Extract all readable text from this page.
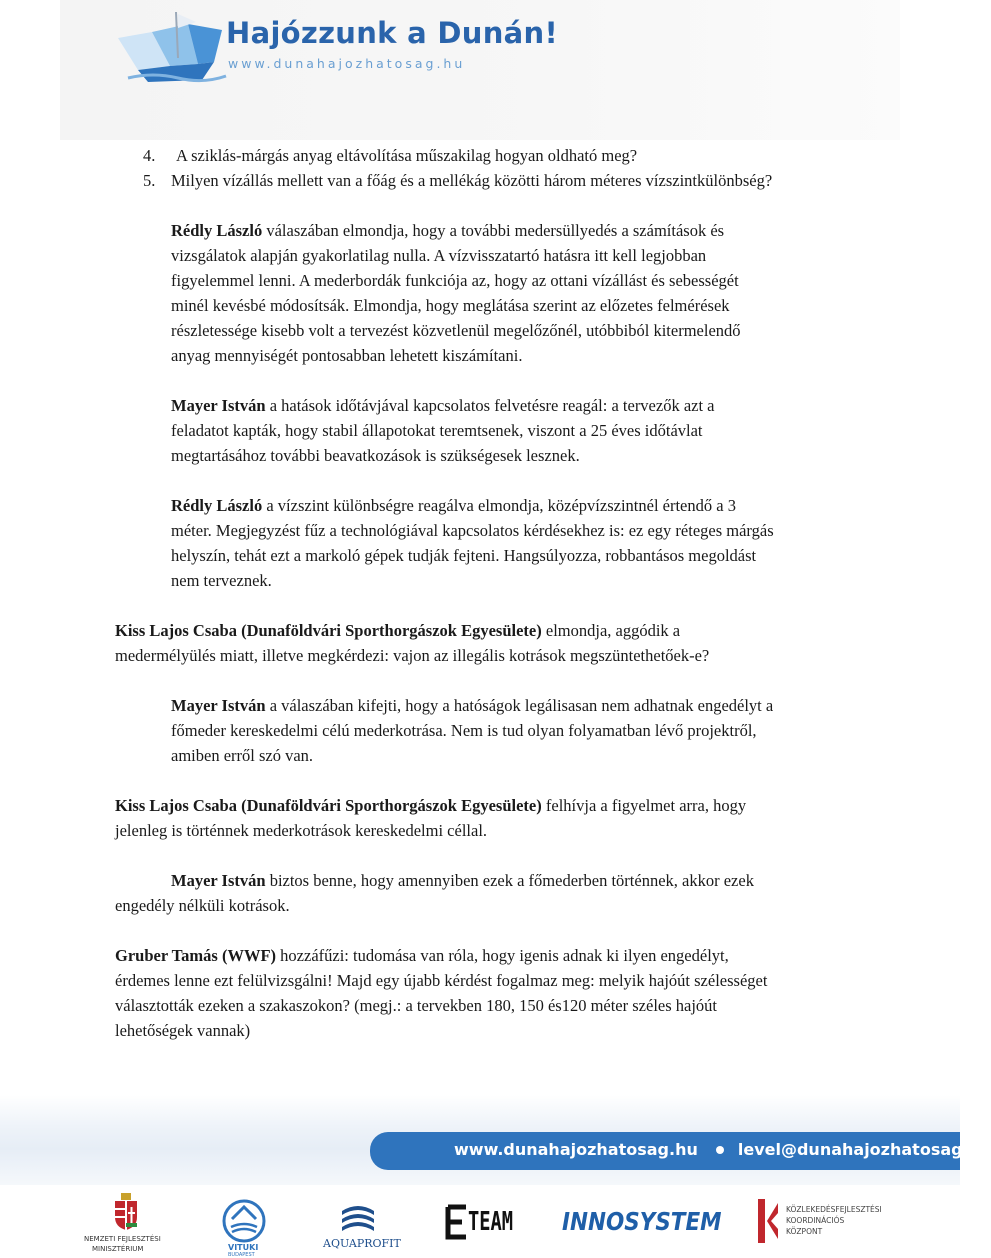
Hajózzunk a Dunán!
www.dunahajozhatosag.hu
4. A sziklás-márgás anyag eltávolítása műszakilag hogyan oldható meg?
5. Milyen vízállás mellett van a főág és a mellékág közötti három méteres vízszintkülönbség?
Rédly László válaszában elmondja, hogy a további medersüllyedés a számítások és
vizsgálatok alapján gyakorlatilag nulla. A vízvisszatartó hatásra itt kell legjobban
figyelemmel lenni. A mederbordák funkciója az, hogy az ottani vízállást és sebességét
minél kevésbé módosítsák. Elmondja, hogy meglátása szerint az előzetes felmérések
részletessége kisebb volt a tervezést közvetlenül megelőzőnél, utóbbiból kitermelendő
anyag mennyiségét pontosabban lehetett kiszámítani.
Mayer István a hatások időtávjával kapcsolatos felvetésre reagál: a tervezők azt a
feladatot kapták, hogy stabil állapotokat teremtsenek, viszont a 25 éves időtávlat
megtartásához további beavatkozások is szükségesek lesznek.
Rédly László a vízszint különbségre reagálva elmondja, középvízszintnél értendő a 3
méter. Megjegyzést fűz a technológiával kapcsolatos kérdésekhez is: ez egy réteges márgás
helyszín, tehát ezt a markoló gépek tudják fejteni. Hangsúlyozza, robbantásos megoldást
nem terveznek.
Kiss Lajos Csaba (Dunaföldvári Sporthorgászok Egyesülete) elmondja, aggódik a
medermélyülés miatt, illetve megkérdezi: vajon az illegális kotrások megszüntethetőek-e?
Mayer István a válaszában kifejti, hogy a hatóságok legálisasan nem adhatnak engedélyt a
főmeder kereskedelmi célú mederkotrása. Nem is tud olyan folyamatban lévő projektről,
amiben erről szó van.
Kiss Lajos Csaba (Dunaföldvári Sporthorgászok Egyesülete) felhívja a figyelmet arra, hogy
jelenleg is történnek mederkotrások kereskedelmi céllal.
Mayer István biztos benne, hogy amennyiben ezek a főmederben történnek, akkor ezek
engedély nélküli kotrások.
Gruber Tamás (WWF) hozzáfűzi: tudomása van róla, hogy igenis adnak ki ilyen engedélyt,
érdemes lenne ezt felülvizsgálni! Majd egy újabb kérdést fogalmaz meg: melyik hajóút szélességet
választották ezeken a szakaszokon? (megj.: a tervekben 180, 150 és120 méter széles hajóút
lehetőségek vannak)
www.dunahajozhatosag.hu	level@dunahajozhatosag.hu
NEMZETI FEJLESZTÉSI
MINISZTÉRIUM	VITUKI
BUDAPEST
AQUAPROFIT
TEAM INNOSYSTEM	KÖZLEKEDÉSFEJLESZTÉSI
KOORDINÁCIÓS
KÖZPONT
